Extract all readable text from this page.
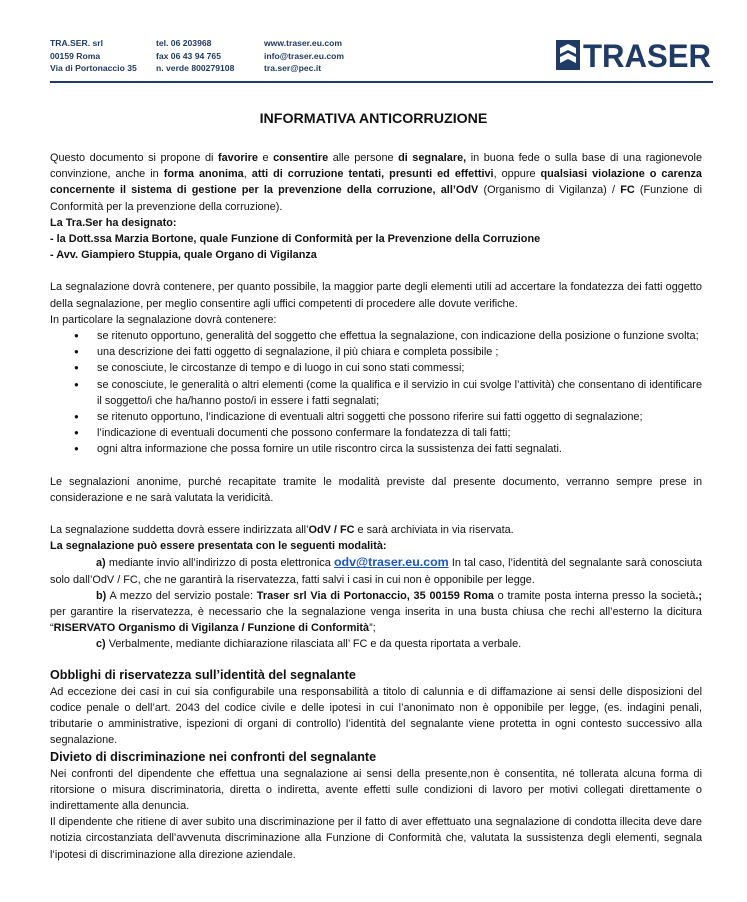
TRA.SER. srl
00159 Roma
Via di Portonaccio 35
tel. 06 203968
fax 06 43 94 765
n. verde 800279108
www.traser.eu.com
info@traser.eu.com
tra.ser@pec.it	TRASER
INFORMATIVA ANTICORRUZIONE

Questo documento si propone di favorire e consentire alle persone di segnalare, in buona fede o sulla base di una ragionevole convinzione, anche in forma anonima, atti di corruzione tentati, presunti ed effettivi, oppure qualsiasi violazione o carenza concernente il sistema di gestione per la prevenzione della corruzione, all’OdV (Organismo di Vigilanza) / FC (Funzione di Conformità per la prevenzione della corruzione).

La Tra.Ser ha designato:

- la Dott.ssa Marzia Bortone, quale Funzione di Conformità per la Prevenzione della Corruzione

- Avv. Giampiero Stuppia, quale Organo di Vigilanza

La segnalazione dovrà contenere, per quanto possibile, la maggior parte degli elementi utili ad accertare la fondatezza dei fatti oggetto della segnalazione, per meglio consentire agli uffici competenti di procedere alle dovute verifiche.

In particolare la segnalazione dovrà contenere:

● se ritenuto opportuno, generalità del soggetto che effettua la segnalazione, con indicazione della posizione o funzione svolta;
● una descrizione dei fatti oggetto di segnalazione, il più chiara e completa possibile ;
● se conosciute, le circostanze di tempo e di luogo in cui sono stati commessi;
● se conosciute, le generalità o altri elementi (come la qualifica e il servizio in cui svolge l’attività) che consentano di identificare il soggetto/i che ha/hanno posto/i in essere i fatti segnalati;
● se ritenuto opportuno, l’indicazione di eventuali altri soggetti che possono riferire sui fatti oggetto di segnalazione;
● l’indicazione di eventuali documenti che possono confermare la fondatezza di tali fatti;
● ogni altra informazione che possa fornire un utile riscontro circa la sussistenza dei fatti segnalati.

Le segnalazioni anonime, purché recapitate tramite le modalità previste dal presente documento, verranno sempre prese in considerazione e ne sarà valutata la veridicità.

La segnalazione suddetta dovrà essere indirizzata all’OdV / FC e sarà archiviata in via riservata.

La segnalazione può essere presentata con le seguenti modalità:

a) mediante invio all’indirizzo di posta elettronica odv@traser.eu.com In tal caso, l’identità del segnalante sarà conosciuta solo dall’OdV / FC, che ne garantirà la riservatezza, fatti salvi i casi in cui non è opponibile per legge.

b) A mezzo del servizio postale: Traser srl Via di Portonaccio, 35 00159 Roma o tramite posta interna presso la società.; per garantire la riservatezza, è necessario che la segnalazione venga inserita in una busta chiusa che rechi all’esterno la dicitura “RISERVATO Organismo di Vigilanza / Funzione di Conformità”;

c) Verbalmente, mediante dichiarazione rilasciata all’ FC e da questa riportata a verbale.

Obblighi di riservatezza sull’identità del segnalante

Ad eccezione dei casi in cui sia configurabile una responsabilità a titolo di calunnia e di diffamazione ai sensi delle disposizioni del codice penale o dell’art. 2043 del codice civile e delle ipotesi in cui l’anonimato non è opponibile per legge, (es. indagini penali, tributarie o amministrative, ispezioni di organi di controllo) l’identità del segnalante viene protetta in ogni contesto successivo alla segnalazione.

Divieto di discriminazione nei confronti del segnalante

Nei confronti del dipendente che effettua una segnalazione ai sensi della presente,non è consentita, né tollerata alcuna forma di ritorsione o misura discriminatoria, diretta o indiretta, avente effetti sulle condizioni di lavoro per motivi collegati direttamente o indirettamente alla denuncia.

Il dipendente che ritiene di aver subito una discriminazione per il fatto di aver effettuato una segnalazione di condotta illecita deve dare notizia circostanziata dell’avvenuta discriminazione alla Funzione di Conformità che, valutata la sussistenza degli elementi, segnala l’ipotesi di discriminazione alla direzione aziendale.
